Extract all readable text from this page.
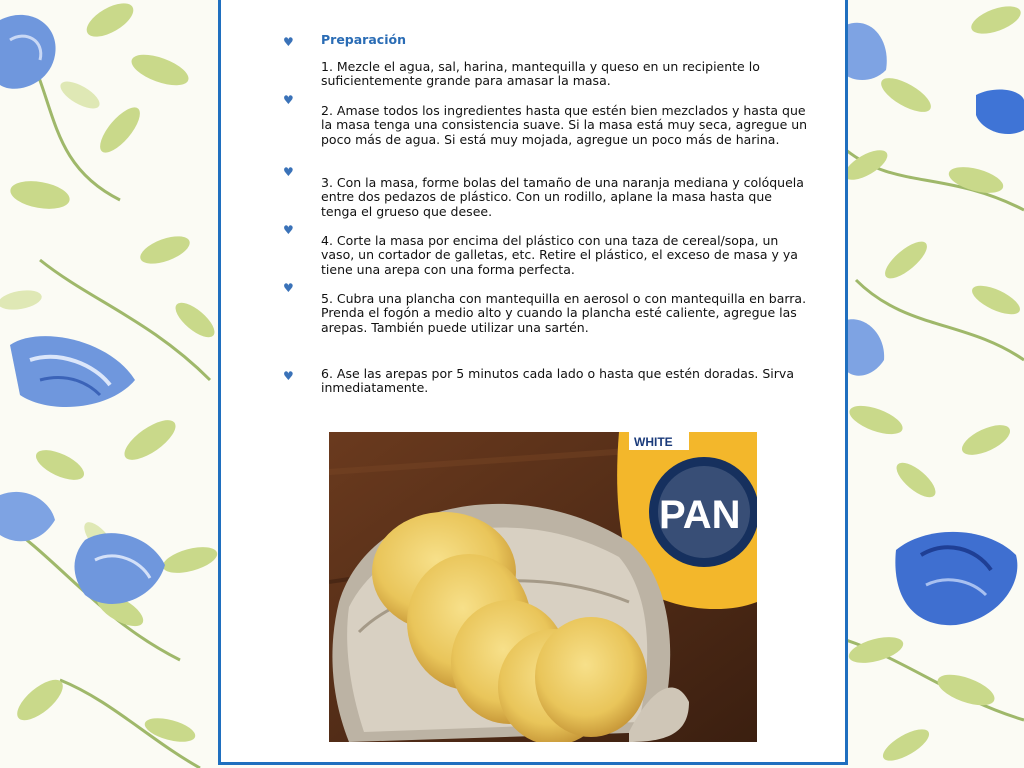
♥
♥
♥
♥
♥
♥
Preparación
1. Mezcle el agua, sal, harina, mantequilla y queso en un recipiente lo suficientemente grande para amasar la masa.
2. Amase todos los ingredientes hasta que estén bien mezclados y hasta que la masa tenga una consistencia suave. Si la masa está muy seca, agregue un poco más de agua. Si está muy mojada, agregue un poco más de harina.
3. Con la masa, forme bolas del tamaño de una naranja mediana y colóquela entre dos pedazos de plástico. Con un rodillo, aplane la masa hasta que tenga el grueso que desee.
4. Corte la masa por encima del plástico con una taza de cereal/sopa, un vaso, un cortador de galletas, etc. Retire el plástico, el exceso de masa y ya tiene una arepa con una forma perfecta.
5. Cubra una plancha con mantequilla en aerosol o con mantequilla en barra. Prenda el fogón a medio alto y cuando la plancha esté caliente, agregue las arepas. También puede utilizar una sartén.
6. Ase las arepas por 5 minutos cada lado o hasta que estén doradas. Sirva inmediatamente.
WHITE
PAN
